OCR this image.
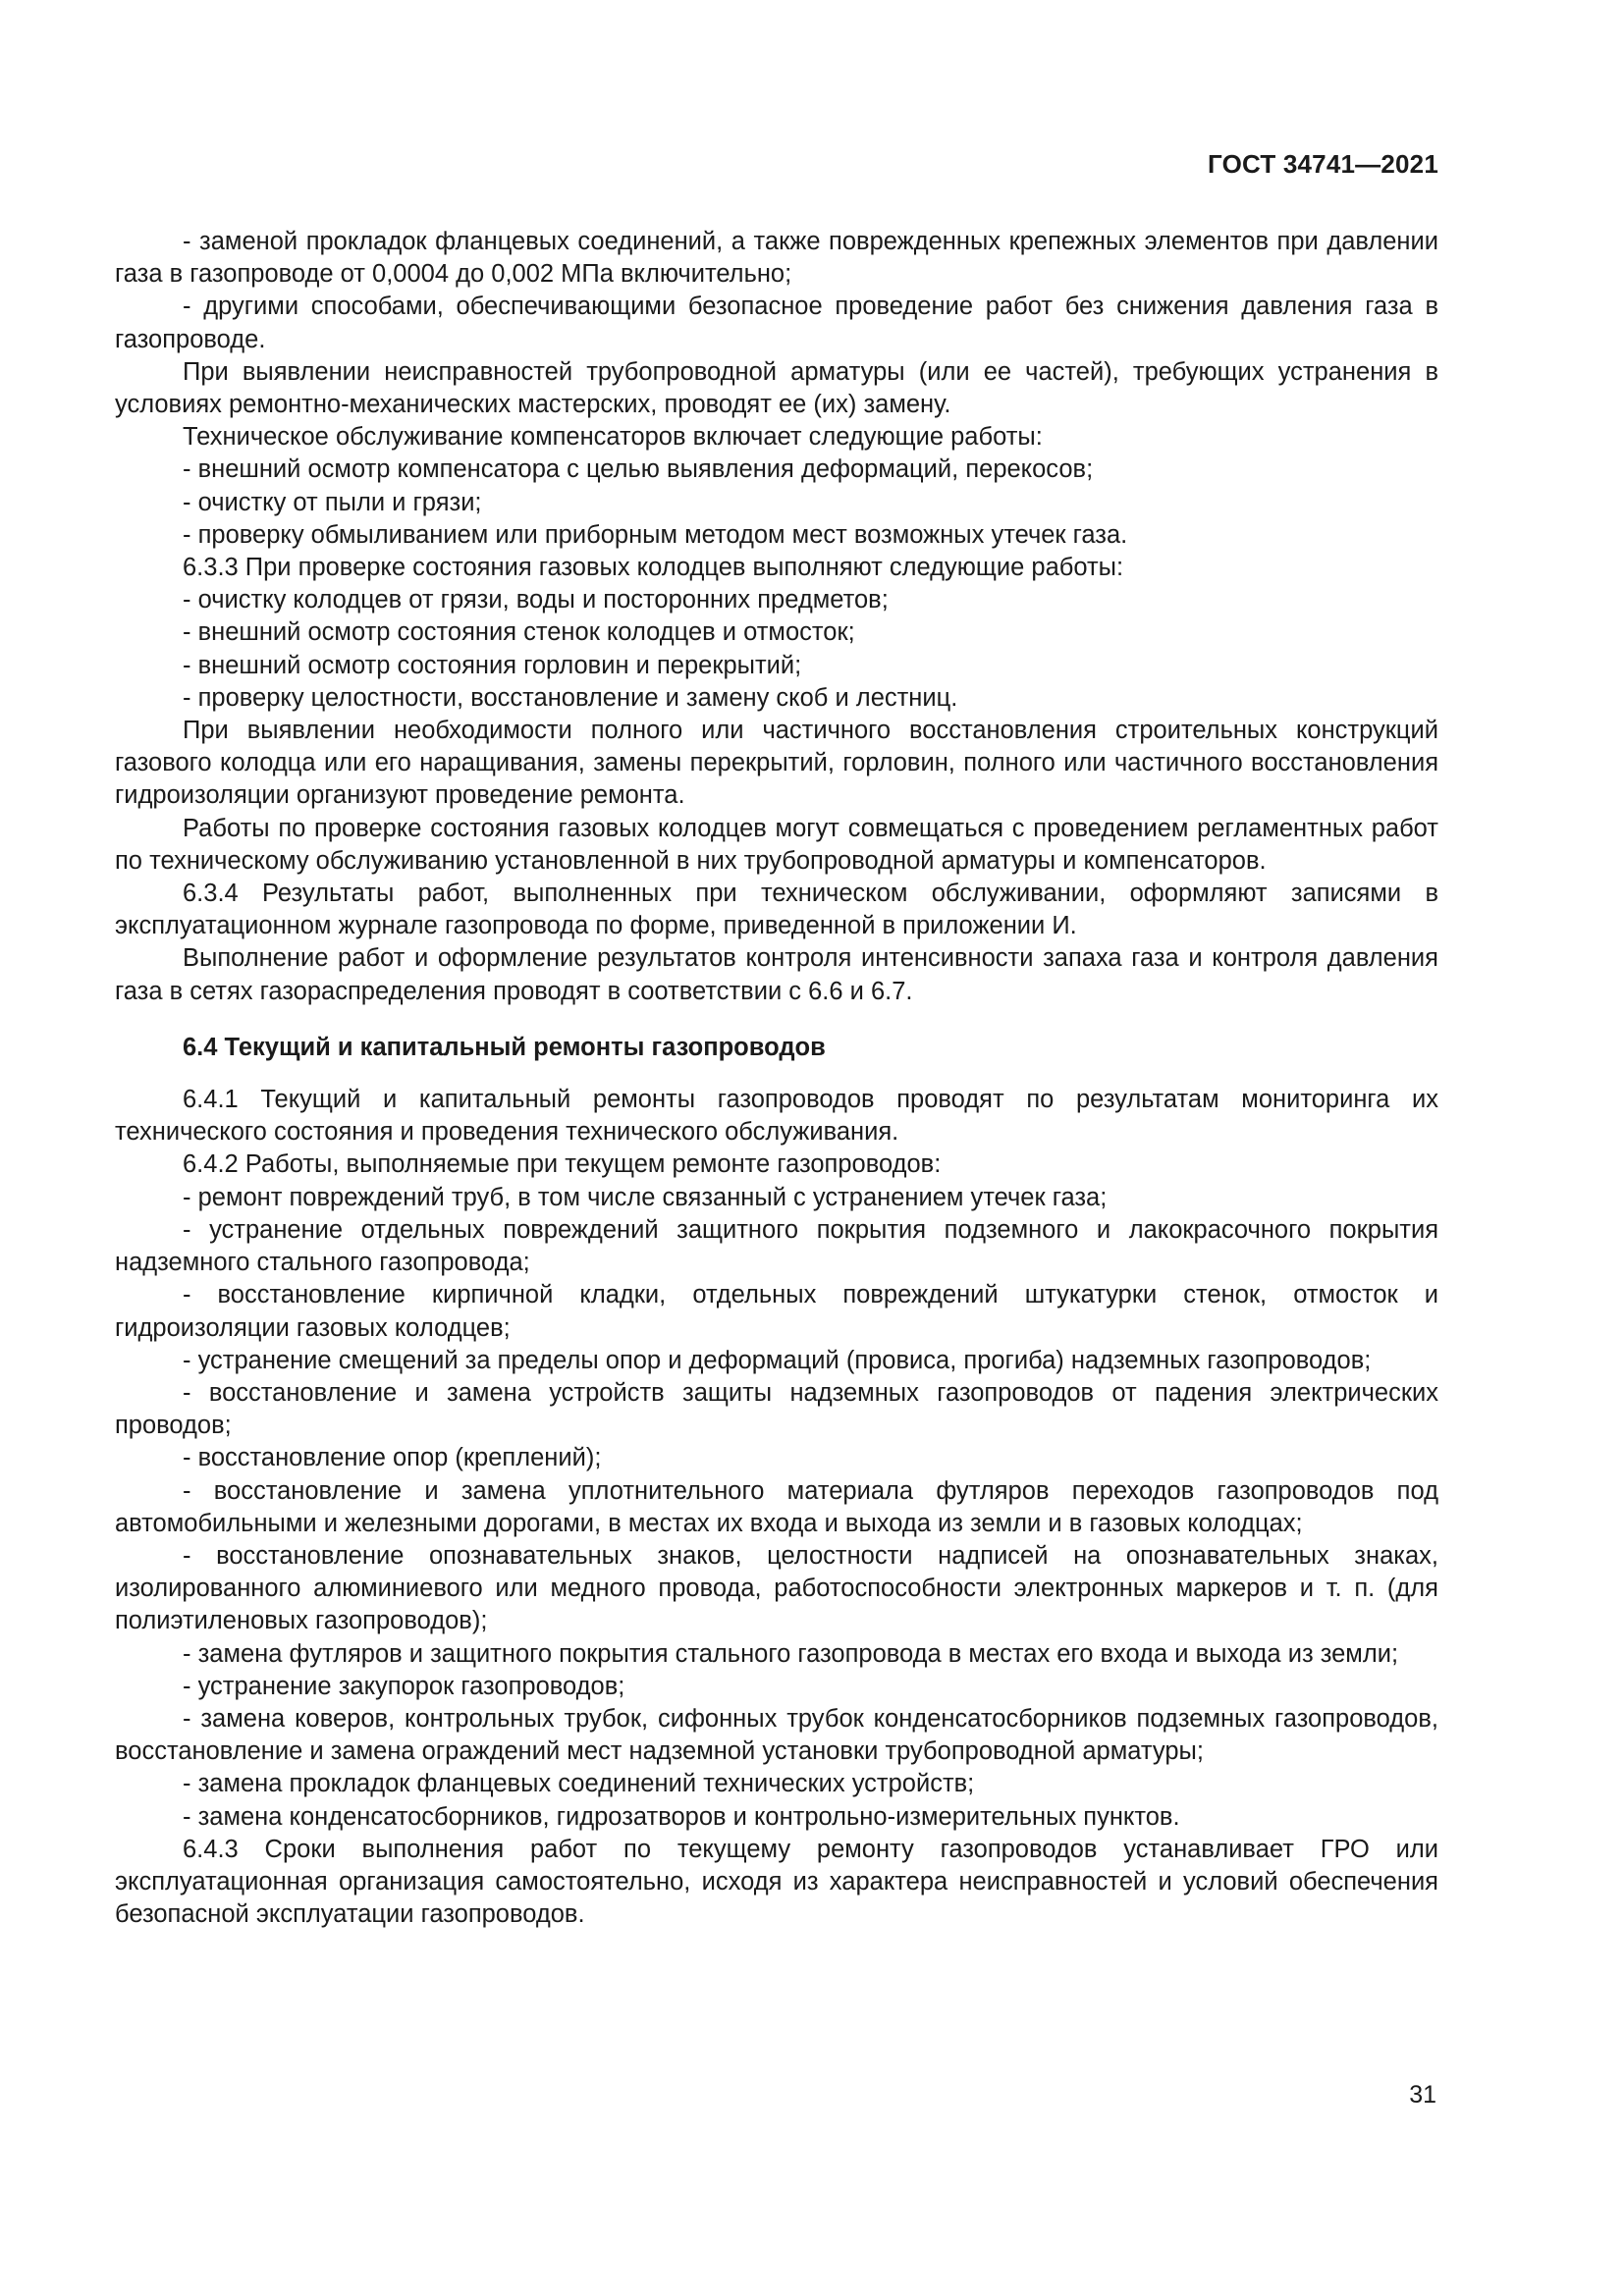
ГОСТ 34741—2021

- заменой прокладок фланцевых соединений, а также поврежденных крепежных элементов при давлении газа в газопроводе от 0,0004 до 0,002 МПа включительно;

- другими способами, обеспечивающими безопасное проведение работ без снижения давления газа в газопроводе.

При выявлении неисправностей трубопроводной арматуры (или ее частей), требующих устранения в условиях ремонтно-механических мастерских, проводят ее (их) замену.

Техническое обслуживание компенсаторов включает следующие работы:

- внешний осмотр компенсатора с целью выявления деформаций, перекосов;

- очистку от пыли и грязи;

- проверку обмыливанием или приборным методом мест возможных утечек газа.

6.3.3 При проверке состояния газовых колодцев выполняют следующие работы:

- очистку колодцев от грязи, воды и посторонних предметов;

- внешний осмотр состояния стенок колодцев и отмосток;

- внешний осмотр состояния горловин и перекрытий;

- проверку целостности, восстановление и замену скоб и лестниц.

При выявлении необходимости полного или частичного восстановления строительных конструкций газового колодца или его наращивания, замены перекрытий, горловин, полного или частичного восстановления гидроизоляции организуют проведение ремонта.

Работы по проверке состояния газовых колодцев могут совмещаться с проведением регламентных работ по техническому обслуживанию установленной в них трубопроводной арматуры и компенсаторов.

6.3.4 Результаты работ, выполненных при техническом обслуживании, оформляют записями в эксплуатационном журнале газопровода по форме, приведенной в приложении И.

Выполнение работ и оформление результатов контроля интенсивности запаха газа и контроля давления газа в сетях газораспределения проводят в соответствии с 6.6 и 6.7.

6.4 Текущий и капитальный ремонты газопроводов

6.4.1 Текущий и капитальный ремонты газопроводов проводят по результатам мониторинга их технического состояния и проведения технического обслуживания.

6.4.2 Работы, выполняемые при текущем ремонте газопроводов:

- ремонт повреждений труб, в том числе связанный с устранением утечек газа;

- устранение отдельных повреждений защитного покрытия подземного и лакокрасочного покрытия надземного стального газопровода;

- восстановление кирпичной кладки, отдельных повреждений штукатурки стенок, отмосток и гидроизоляции газовых колодцев;

- устранение смещений за пределы опор и деформаций (провиса, прогиба) надземных газопроводов;

- восстановление и замена устройств защиты надземных газопроводов от падения электрических проводов;

- восстановление опор (креплений);

- восстановление и замена уплотнительного материала футляров переходов газопроводов под автомобильными и железными дорогами, в местах их входа и выхода из земли и в газовых колодцах;

- восстановление опознавательных знаков, целостности надписей на опознавательных знаках, изолированного алюминиевого или медного провода, работоспособности электронных маркеров и т. п. (для полиэтиленовых газопроводов);

- замена футляров и защитного покрытия стального газопровода в местах его входа и выхода из земли;

- устранение закупорок газопроводов;

- замена коверов, контрольных трубок, сифонных трубок конденсатосборников подземных газопроводов, восстановление и замена ограждений мест надземной установки трубопроводной арматуры;

- замена прокладок фланцевых соединений технических устройств;

- замена конденсатосборников, гидрозатворов и контрольно-измерительных пунктов.

6.4.3 Сроки выполнения работ по текущему ремонту газопроводов устанавливает ГРО или эксплуатационная организация самостоятельно, исходя из характера неисправностей и условий обеспечения безопасной эксплуатации газопроводов.

31
